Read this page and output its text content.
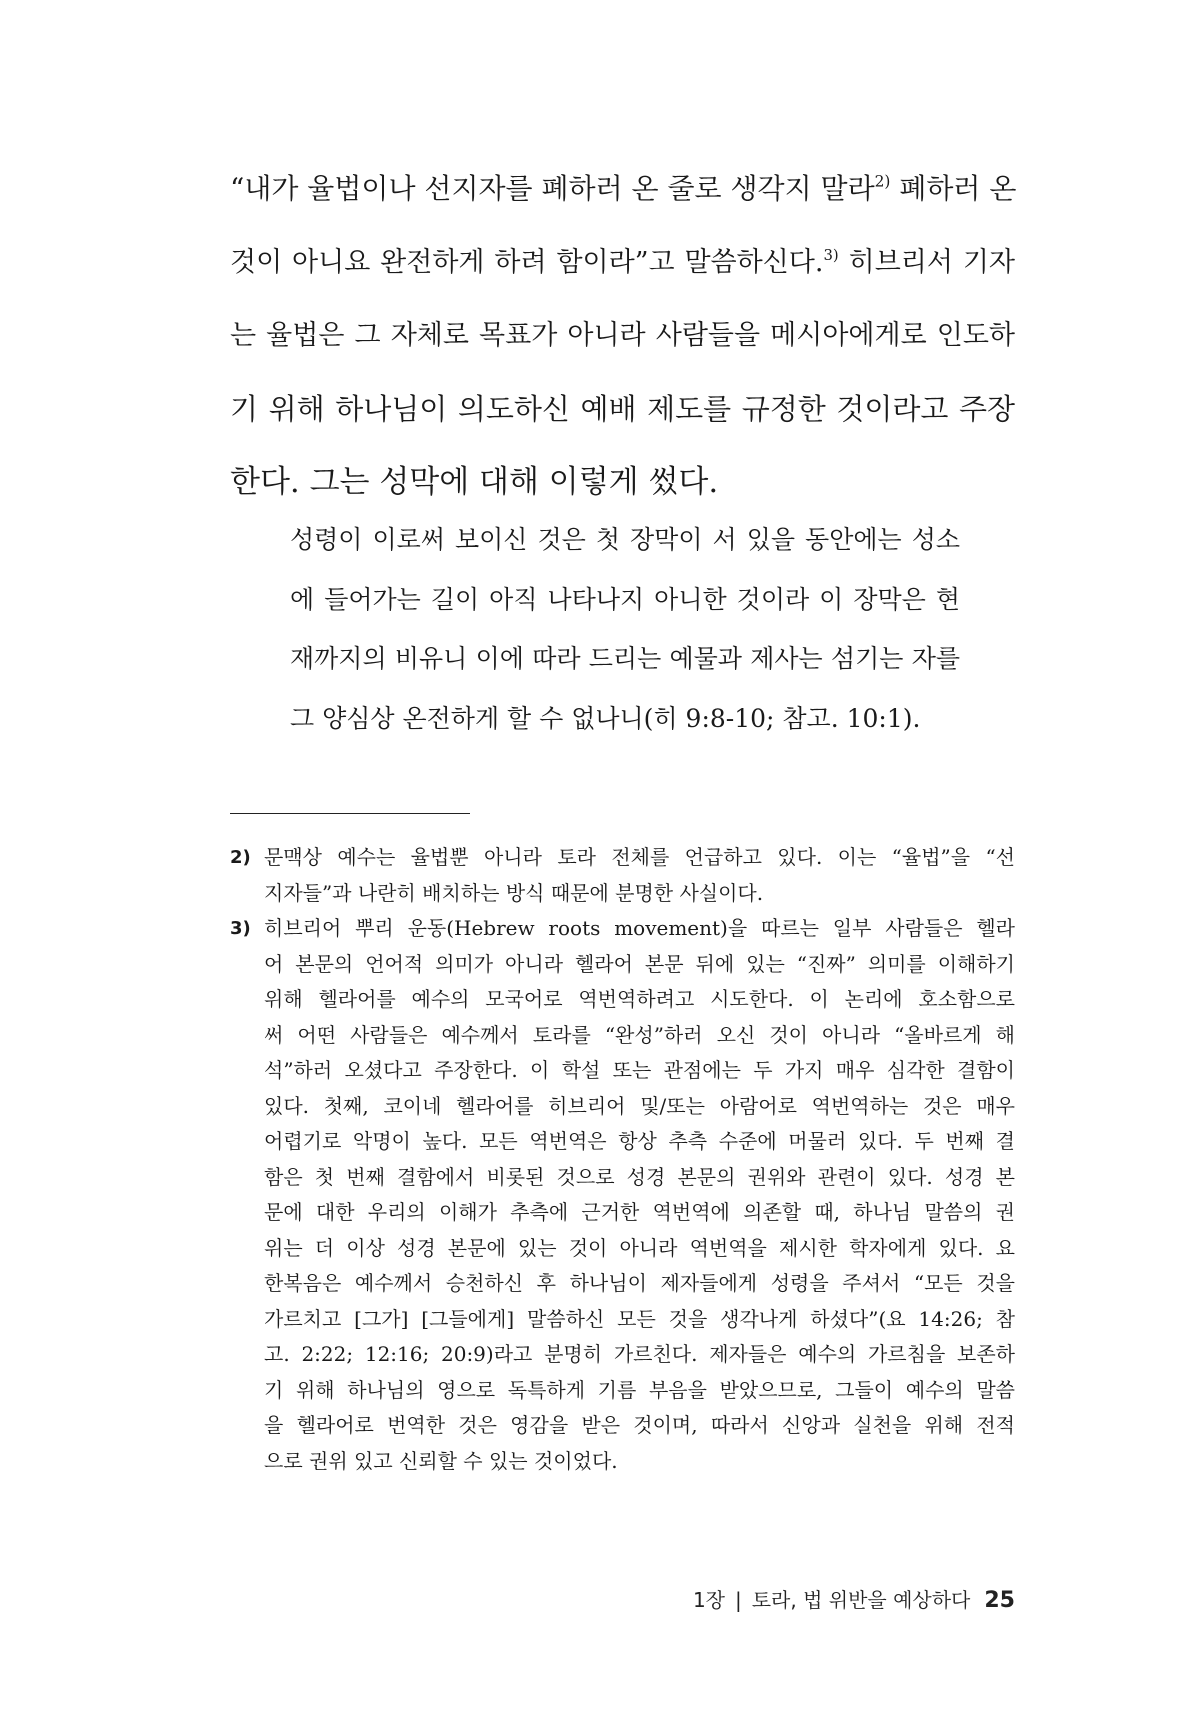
“내가 율법이나 선지자를 폐하러 온 줄로 생각지 말라$^{2)}$ 폐하러 온
것이 아니요 완전하게 하려 함이라”고 말씀하신다.$^{3)}$ 히브리서 기자
는 율법은 그 자체로 목표가 아니라 사람들을 메시아에게로 인도하
기 위해 하나님이 의도하신 예배 제도를 규정한 것이라고 주장
한다. 그는 성막에 대해 이렇게 썼다.
성령이 이로써 보이신 것은 첫 장막이 서 있을 동안에는 성소
에 들어가는 길이 아직 나타나지 아니한 것이라 이 장막은 현
재까지의 비유니 이에 따라 드리는 예물과 제사는 섬기는 자를
그 양심상 온전하게 할 수 없나니(히 9:8-10; 참고. 10:1).
2) 문맥상 예수는 율법뿐 아니라 토라 전체를 언급하고 있다. 이는 “율법”을 “선
지자들”과 나란히 배치하는 방식 때문에 분명한 사실이다.
3) 히브리어 뿌리 운동(Hebrew roots movement)을 따르는 일부 사람들은 헬라
어 본문의 언어적 의미가 아니라 헬라어 본문 뒤에 있는 “진짜” 의미를 이해하기
위해 헬라어를 예수의 모국어로 역번역하려고 시도한다. 이 논리에 호소함으로
써 어떤 사람들은 예수께서 토라를 “완성”하러 오신 것이 아니라 “올바르게 해
석”하러 오셨다고 주장한다. 이 학설 또는 관점에는 두 가지 매우 심각한 결함이
있다. 첫째, 코이네 헬라어를 히브리어 및/또는 아람어로 역번역하는 것은 매우
어렵기로 악명이 높다. 모든 역번역은 항상 추측 수준에 머물러 있다. 두 번째 결
함은 첫 번째 결함에서 비롯된 것으로 성경 본문의 권위와 관련이 있다. 성경 본
문에 대한 우리의 이해가 추측에 근거한 역번역에 의존할 때, 하나님 말씀의 권
위는 더 이상 성경 본문에 있는 것이 아니라 역번역을 제시한 학자에게 있다. 요
한복음은 예수께서 승천하신 후 하나님이 제자들에게 성령을 주셔서 “모든 것을
가르치고 [그가] [그들에게] 말씀하신 모든 것을 생각나게 하셨다”(요 14:26; 참
고. 2:22; 12:16; 20:9)라고 분명히 가르친다. 제자들은 예수의 가르침을 보존하
기 위해 하나님의 영으로 독특하게 기름 부음을 받았으므로, 그들이 예수의 말씀
을 헬라어로 번역한 것은 영감을 받은 것이며, 따라서 신앙과 실천을 위해 전적
으로 권위 있고 신뢰할 수 있는 것이었다.
1장 | 토라, 법 위반을 예상하다 25
